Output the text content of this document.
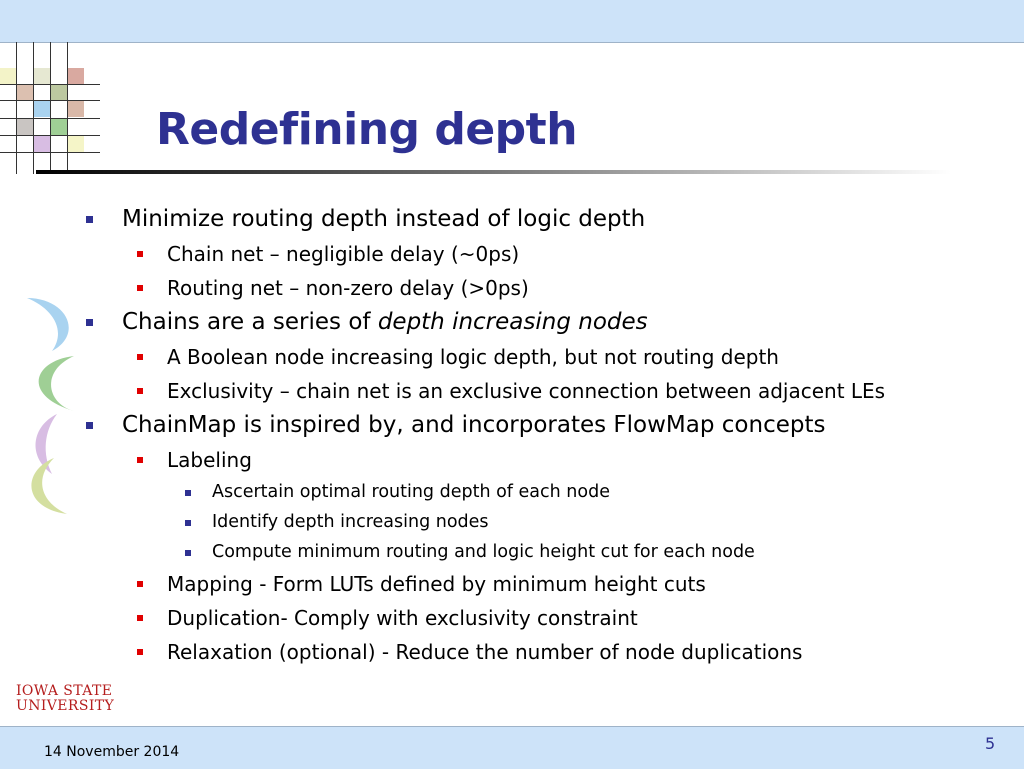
Redefining depth
Minimize routing depth instead of logic depth
Chain net – negligible delay (~0ps)
Routing net – non-zero delay (>0ps)
Chains are a series of depth increasing nodes
A Boolean node increasing logic depth, but not routing depth
Exclusivity – chain net is an exclusive connection between adjacent LEs
ChainMap is inspired by, and incorporates FlowMap concepts
Labeling
Ascertain optimal routing depth of each node
Identify depth increasing nodes
Compute minimum routing and logic height cut for each node
Mapping - Form LUTs defined by minimum height cuts
Duplication- Comply with exclusivity constraint
Relaxation (optional) - Reduce the number of node duplications
IOWA STATE
UNIVERSITY
14 November 2014	5
